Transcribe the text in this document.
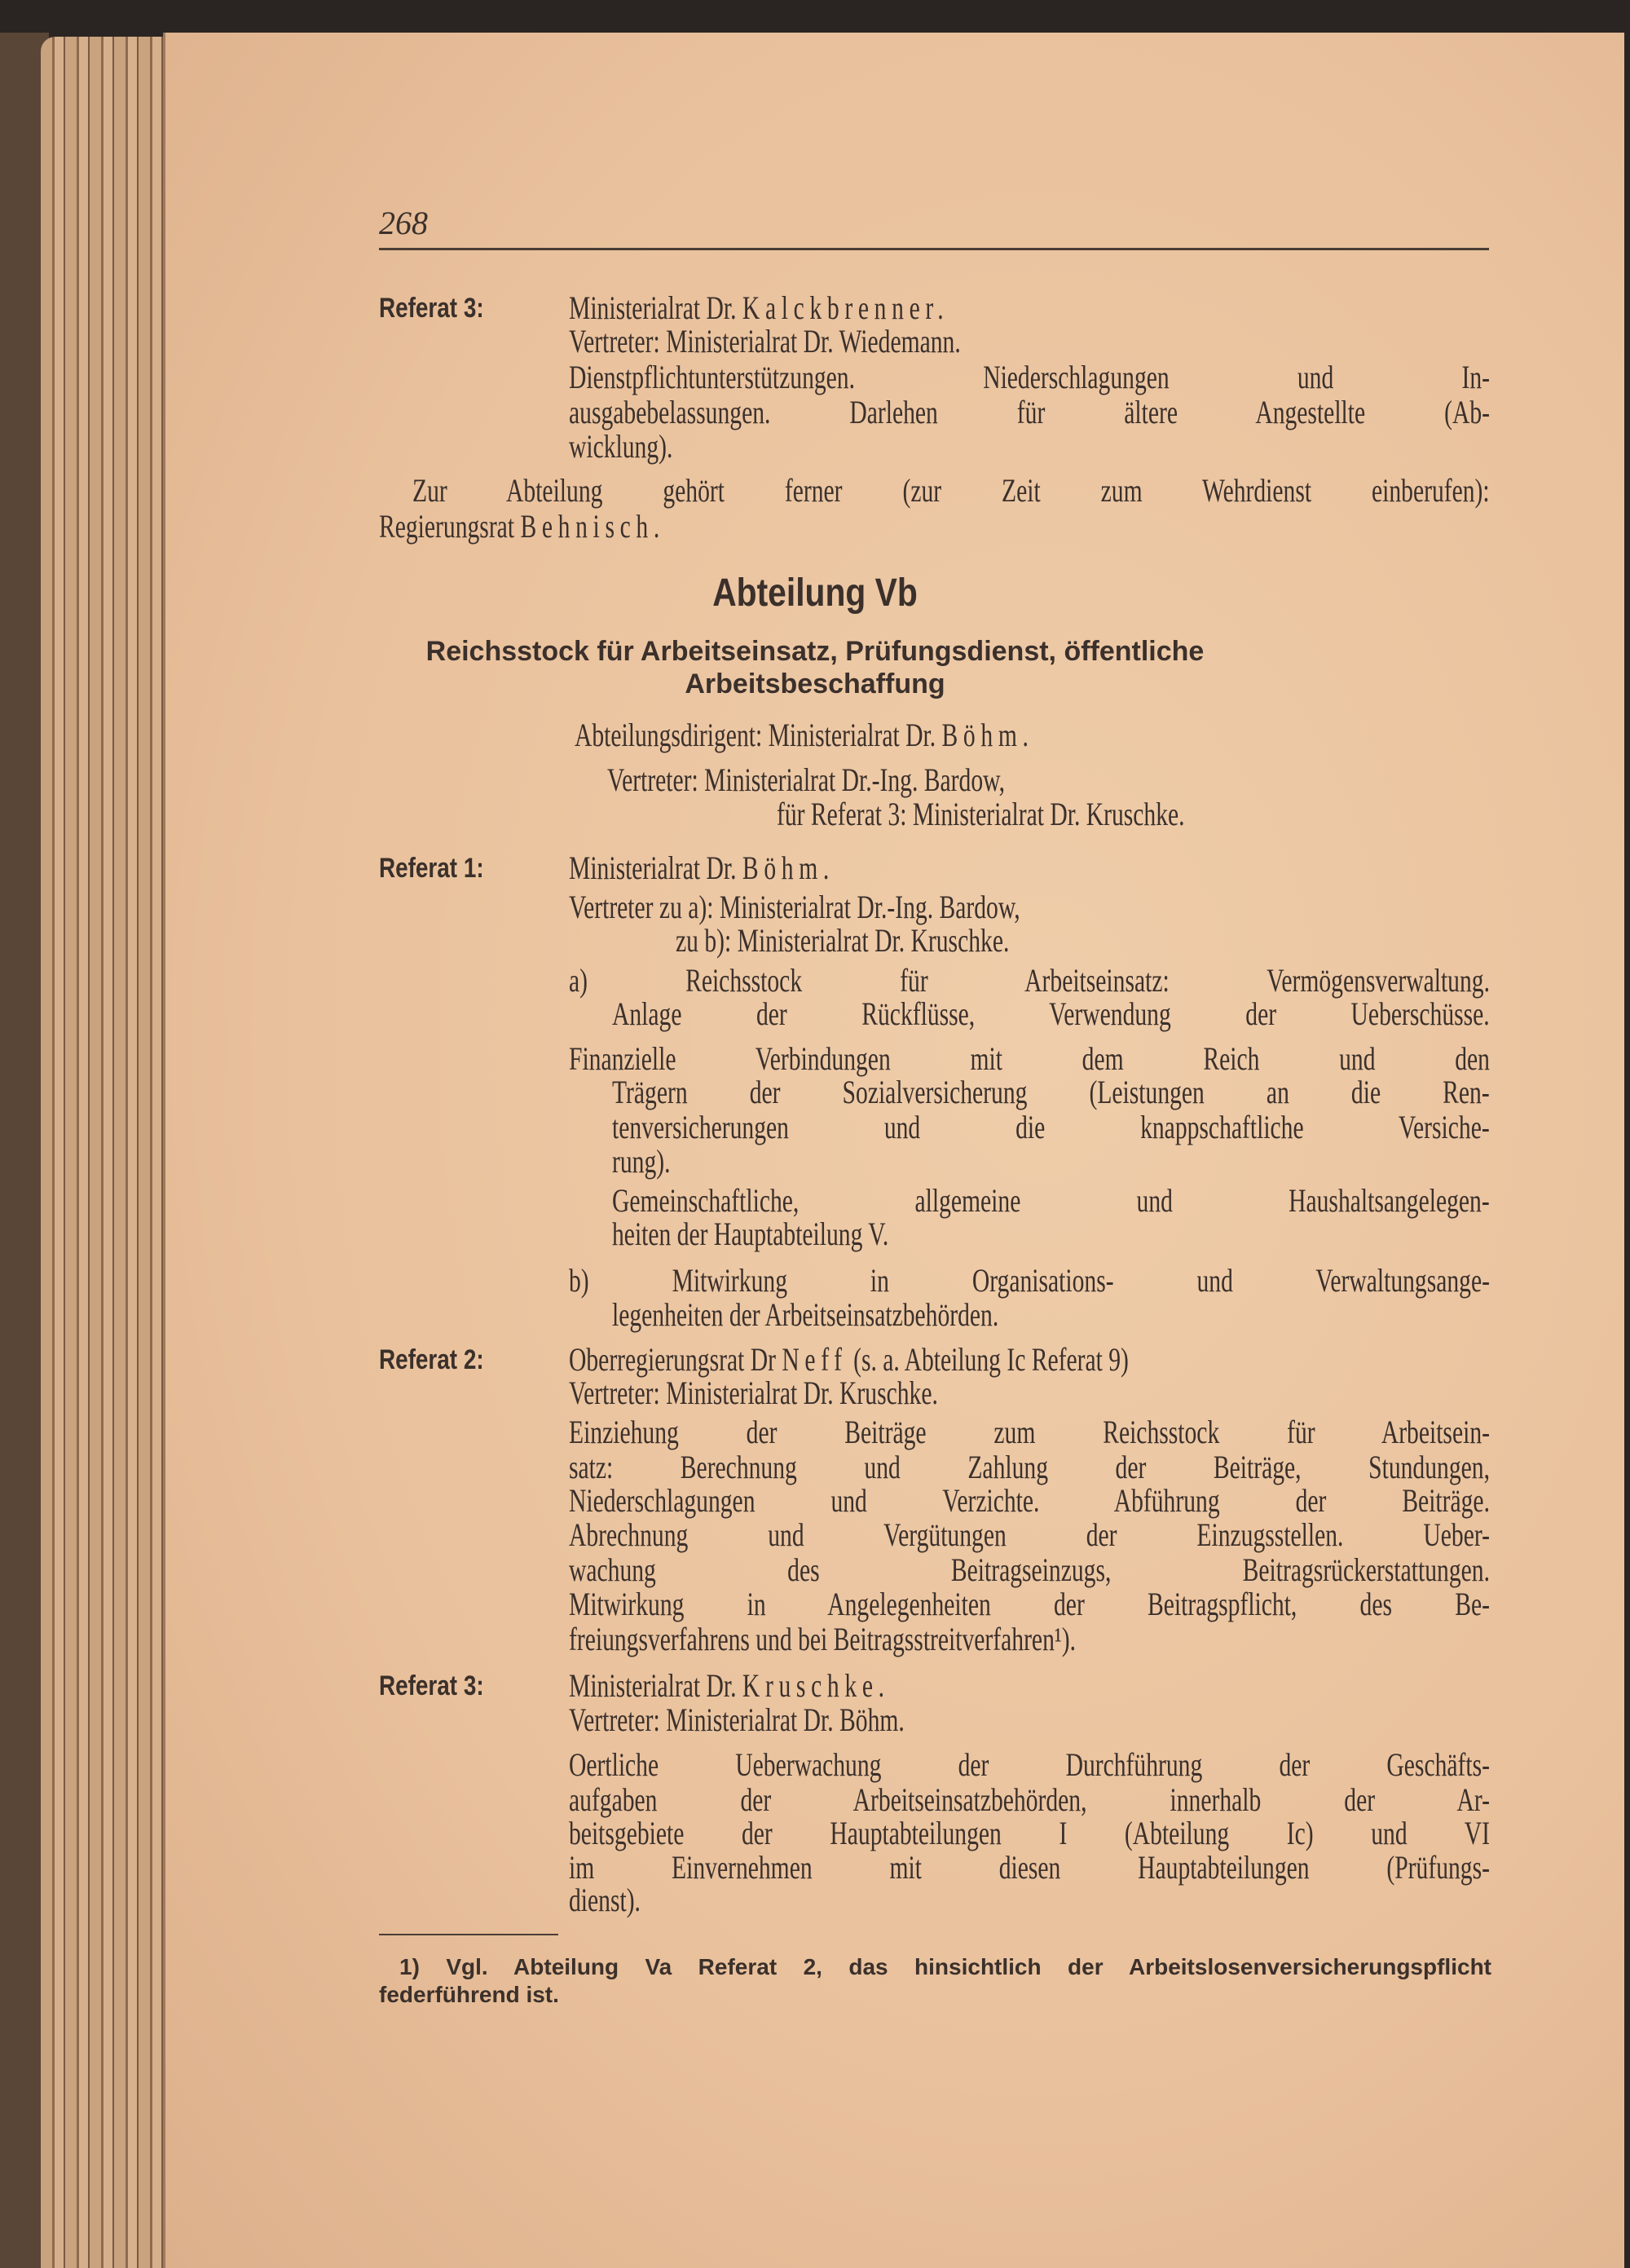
268
Referat 3:	Ministerialrat Dr. Kalckbrenner.
Vertreter: Ministerialrat Dr. Wiedemann.
Dienstpflichtunterstützungen. Niederschlagungen und In-
ausgabebelassungen. Darlehen für ältere Angestellte (Ab-
wicklung).
Zur Abteilung gehört ferner (zur Zeit zum Wehrdienst einberufen):
Regierungsrat Behnisch.
Abteilung Vb
Reichsstock für Arbeitseinsatz, Prüfungsdienst, öffentliche
Arbeitsbeschaffung
Abteilungsdirigent: Ministerialrat Dr. Böhm.
Vertreter: Ministerialrat Dr.-Ing. Bardow,
für Referat 3: Ministerialrat Dr. Kruschke.
Referat 1:	Ministerialrat Dr. Böhm.
Vertreter zu a): Ministerialrat Dr.-Ing. Bardow,
zu b): Ministerialrat Dr. Kruschke.
a) Reichsstock für Arbeitseinsatz: Vermögensverwaltung.
Anlage der Rückflüsse, Verwendung der Ueberschüsse.
Finanzielle Verbindungen mit dem Reich und den
Trägern der Sozialversicherung (Leistungen an die Ren-
tenversicherungen und die knappschaftliche Versiche-
rung).
Gemeinschaftliche, allgemeine und Haushaltsangelegen-
heiten der Hauptabteilung V.
b) Mitwirkung in Organisations- und Verwaltungsange-
legenheiten der Arbeitseinsatzbehörden.
Referat 2:	Oberregierungsrat Dr Neff (s. a. Abteilung Ic Referat 9)
Vertreter: Ministerialrat Dr. Kruschke.
Einziehung der Beiträge zum Reichsstock für Arbeitsein-
satz: Berechnung und Zahlung der Beiträge, Stundungen,
Niederschlagungen und Verzichte. Abführung der Beiträge.
Abrechnung und Vergütungen der Einzugsstellen. Ueber-
wachung des Beitragseinzugs, Beitragsrückerstattungen.
Mitwirkung in Angelegenheiten der Beitragspflicht, des Be-
freiungsverfahrens und bei Beitragsstreitverfahren¹).
Referat 3:	Ministerialrat Dr. Kruschke.
Vertreter: Ministerialrat Dr. Böhm.
Oertliche Ueberwachung der Durchführung der Geschäfts-
aufgaben der Arbeitseinsatzbehörden, innerhalb der Ar-
beitsgebiete der Hauptabteilungen I (Abteilung Ic) und VI
im Einvernehmen mit diesen Hauptabteilungen (Prüfungs-
dienst).
1) Vgl. Abteilung Va Referat 2, das hinsichtlich der Arbeitslosenversicherungspflicht
federführend ist.
